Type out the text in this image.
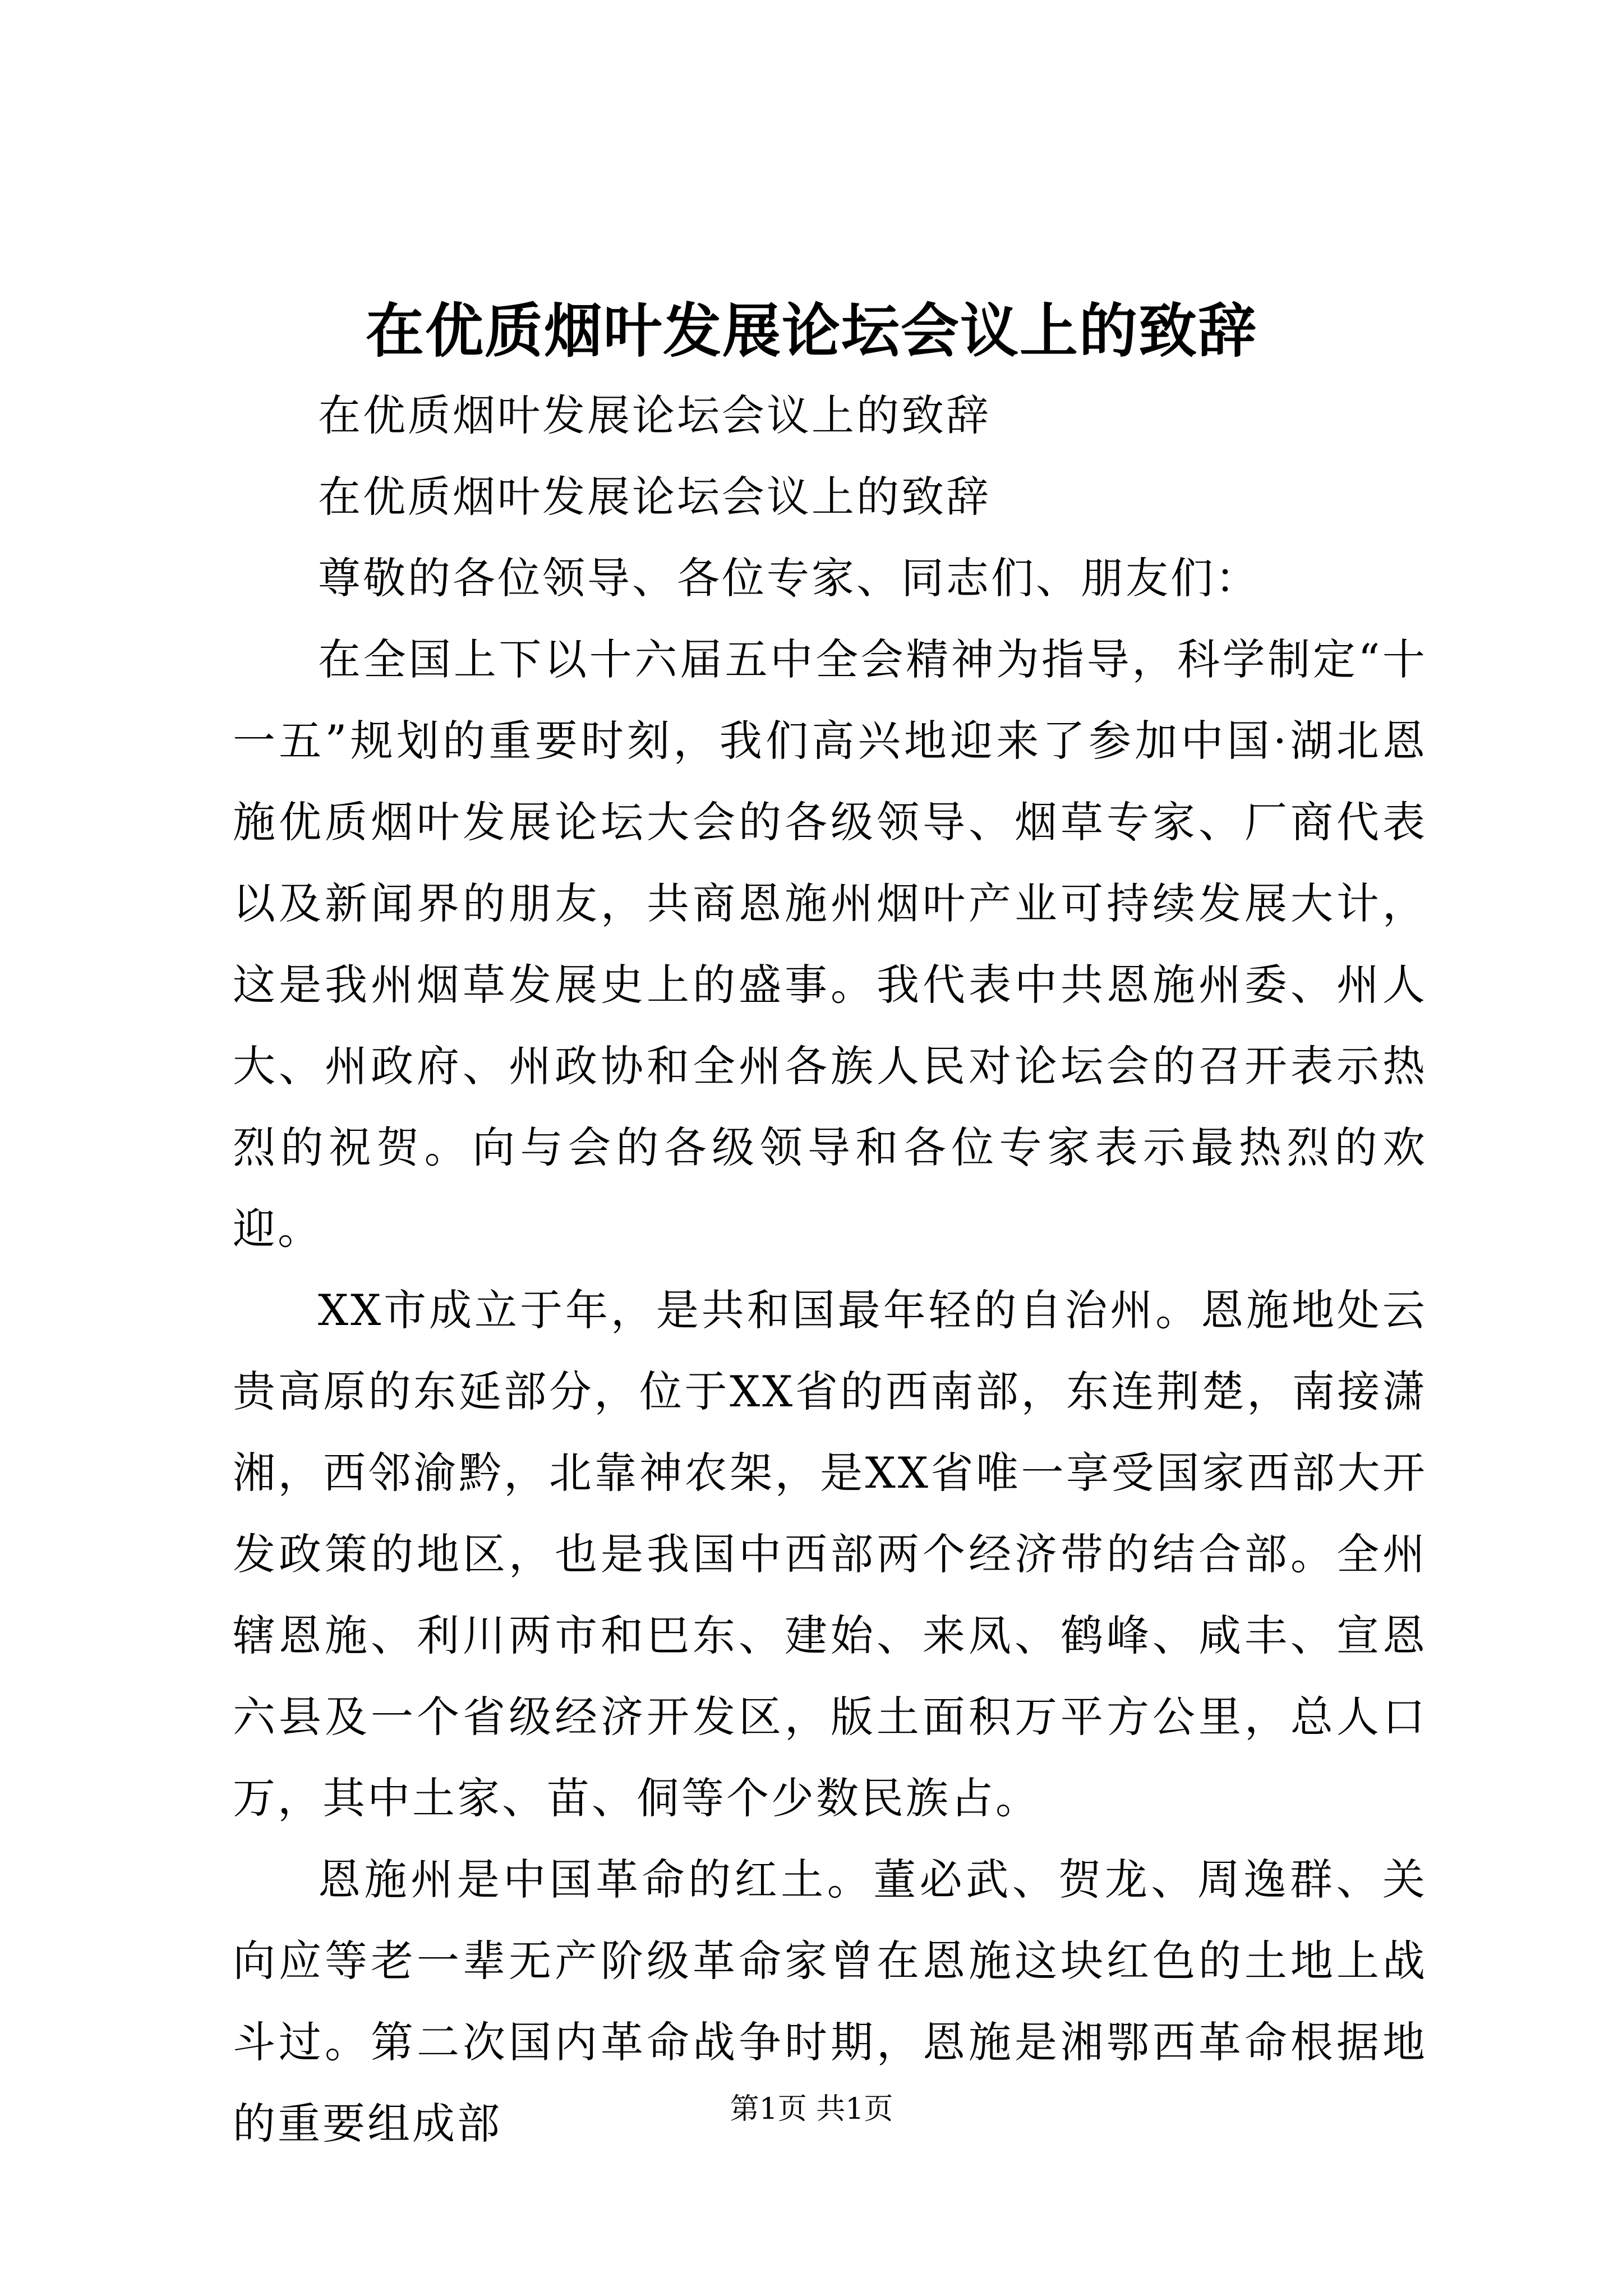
在优质烟叶发展论坛会议上的致辞

在优质烟叶发展论坛会议上的致辞

在优质烟叶发展论坛会议上的致辞

尊敬的各位领导、各位专家、同志们、朋友们：

在全国上下以十六届五中全会精神为指导，科学制定“十一五”规划的重要时刻，我们高兴地迎来了参加中国·湖北恩施优质烟叶发展论坛大会的各级领导、烟草专家、厂商代表以及新闻界的朋友，共商恩施州烟叶产业可持续发展大计，这是我州烟草发展史上的盛事。我代表中共恩施州委、州人大、州政府、州政协和全州各族人民对论坛会的召开表示热烈的祝贺。向与会的各级领导和各位专家表示最热烈的欢迎。

XX市成立于年，是共和国最年轻的自治州。恩施地处云贵高原的东延部分，位于XX省的西南部，东连荆楚，南接潇湘，西邻渝黔，北靠神农架，是XX省唯一享受国家西部大开发政策的地区，也是我国中西部两个经济带的结合部。全州辖恩施、利川两市和巴东、建始、来凤、鹤峰、咸丰、宣恩六县及一个省级经济开发区，版土面积万平方公里，总人口万，其中土家、苗、侗等个少数民族占。

恩施州是中国革命的红土。董必武、贺龙、周逸群、关向应等老一辈无产阶级革命家曾在恩施这块红色的土地上战斗过。第二次国内革命战争时期，恩施是湘鄂西革命根据地的重要组成部	第1页 共1页
